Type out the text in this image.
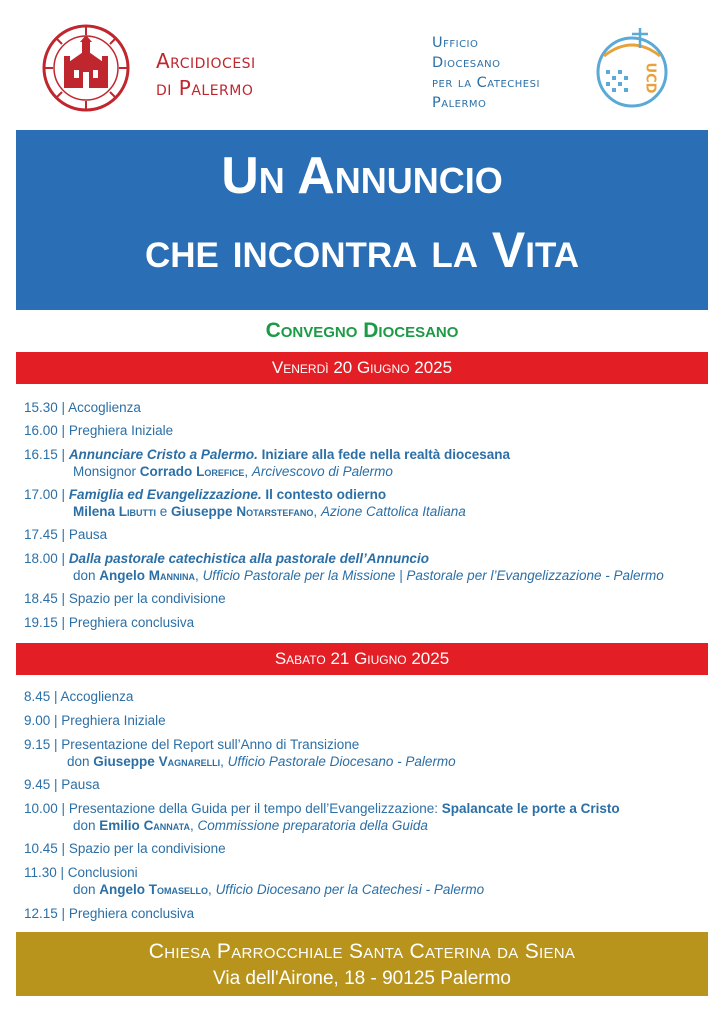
Arcidiocesi
di Palermo
Ufficio
Diocesano
per la Catechesi
Palermo
UCD
Un Annuncio
che incontra la Vita
Convegno Diocesano
Venerdì 20 Giugno 2025
15.30 | Accoglienza
16.00 | Preghiera Iniziale
16.15 | Annunciare Cristo a Palermo. Iniziare alla fede nella realtà diocesana
Monsignor Corrado Lorefice, Arcivescovo di Palermo
17.00 | Famiglia ed Evangelizzazione. Il contesto odierno
Milena Libutti e Giuseppe Notarstefano, Azione Cattolica Italiana
17.45 | Pausa
18.00 | Dalla pastorale catechistica alla pastorale dell’Annuncio
don Angelo Mannina, Ufficio Pastorale per la Missione | Pastorale per l’Evangelizzazione - Palermo
18.45 | Spazio per la condivisione
19.15 | Preghiera conclusiva
Sabato 21 Giugno 2025
8.45 | Accoglienza
9.00 | Preghiera Iniziale
9.15 | Presentazione del Report sull’Anno di Transizione
don Giuseppe Vagnarelli, Ufficio Pastorale Diocesano - Palermo
9.45 | Pausa
10.00 | Presentazione della Guida per il tempo dell’Evangelizzazione: Spalancate le porte a Cristo
don Emilio Cannata, Commissione preparatoria della Guida
10.45 | Spazio per la condivisione
11.30 | Conclusioni
don Angelo Tomasello, Ufficio Diocesano per la Catechesi - Palermo
12.15 | Preghiera conclusiva
Chiesa Parrocchiale Santa Caterina da Siena
Via dell'Airone, 18 - 90125 Palermo
